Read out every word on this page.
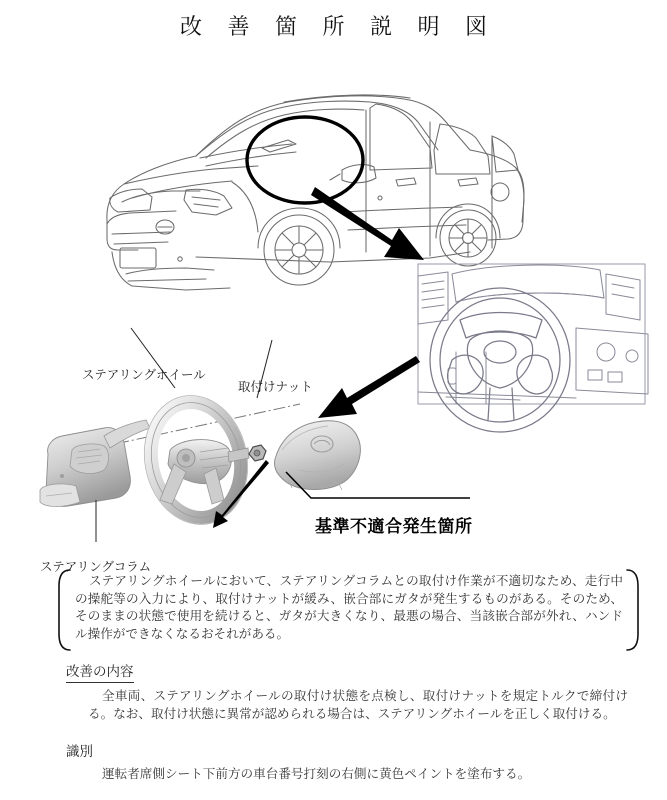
改 善 箇 所 説 明 図
ステアリングホイール
取付けナット
ステアリングコラム
基準不適合発生箇所
ステアリングホイールにおいて、ステアリングコラムとの取付け作業が不適切なため、走行中の操舵等の入力により、取付けナットが緩み、嵌合部にガタが発生するものがある。そのため、そのままの状態で使用を続けると、ガタが大きくなり、最悪の場合、当該嵌合部が外れ、ハンドル操作ができなくなるおそれがある。
改善の内容
全車両、ステアリングホイールの取付け状態を点検し、取付けナットを規定トルクで締付ける。なお、取付け状態に異常が認められる場合は、ステアリングホイールを正しく取付ける。
識別
運転者席側シート下前方の車台番号打刻の右側に黄色ペイントを塗布する。
